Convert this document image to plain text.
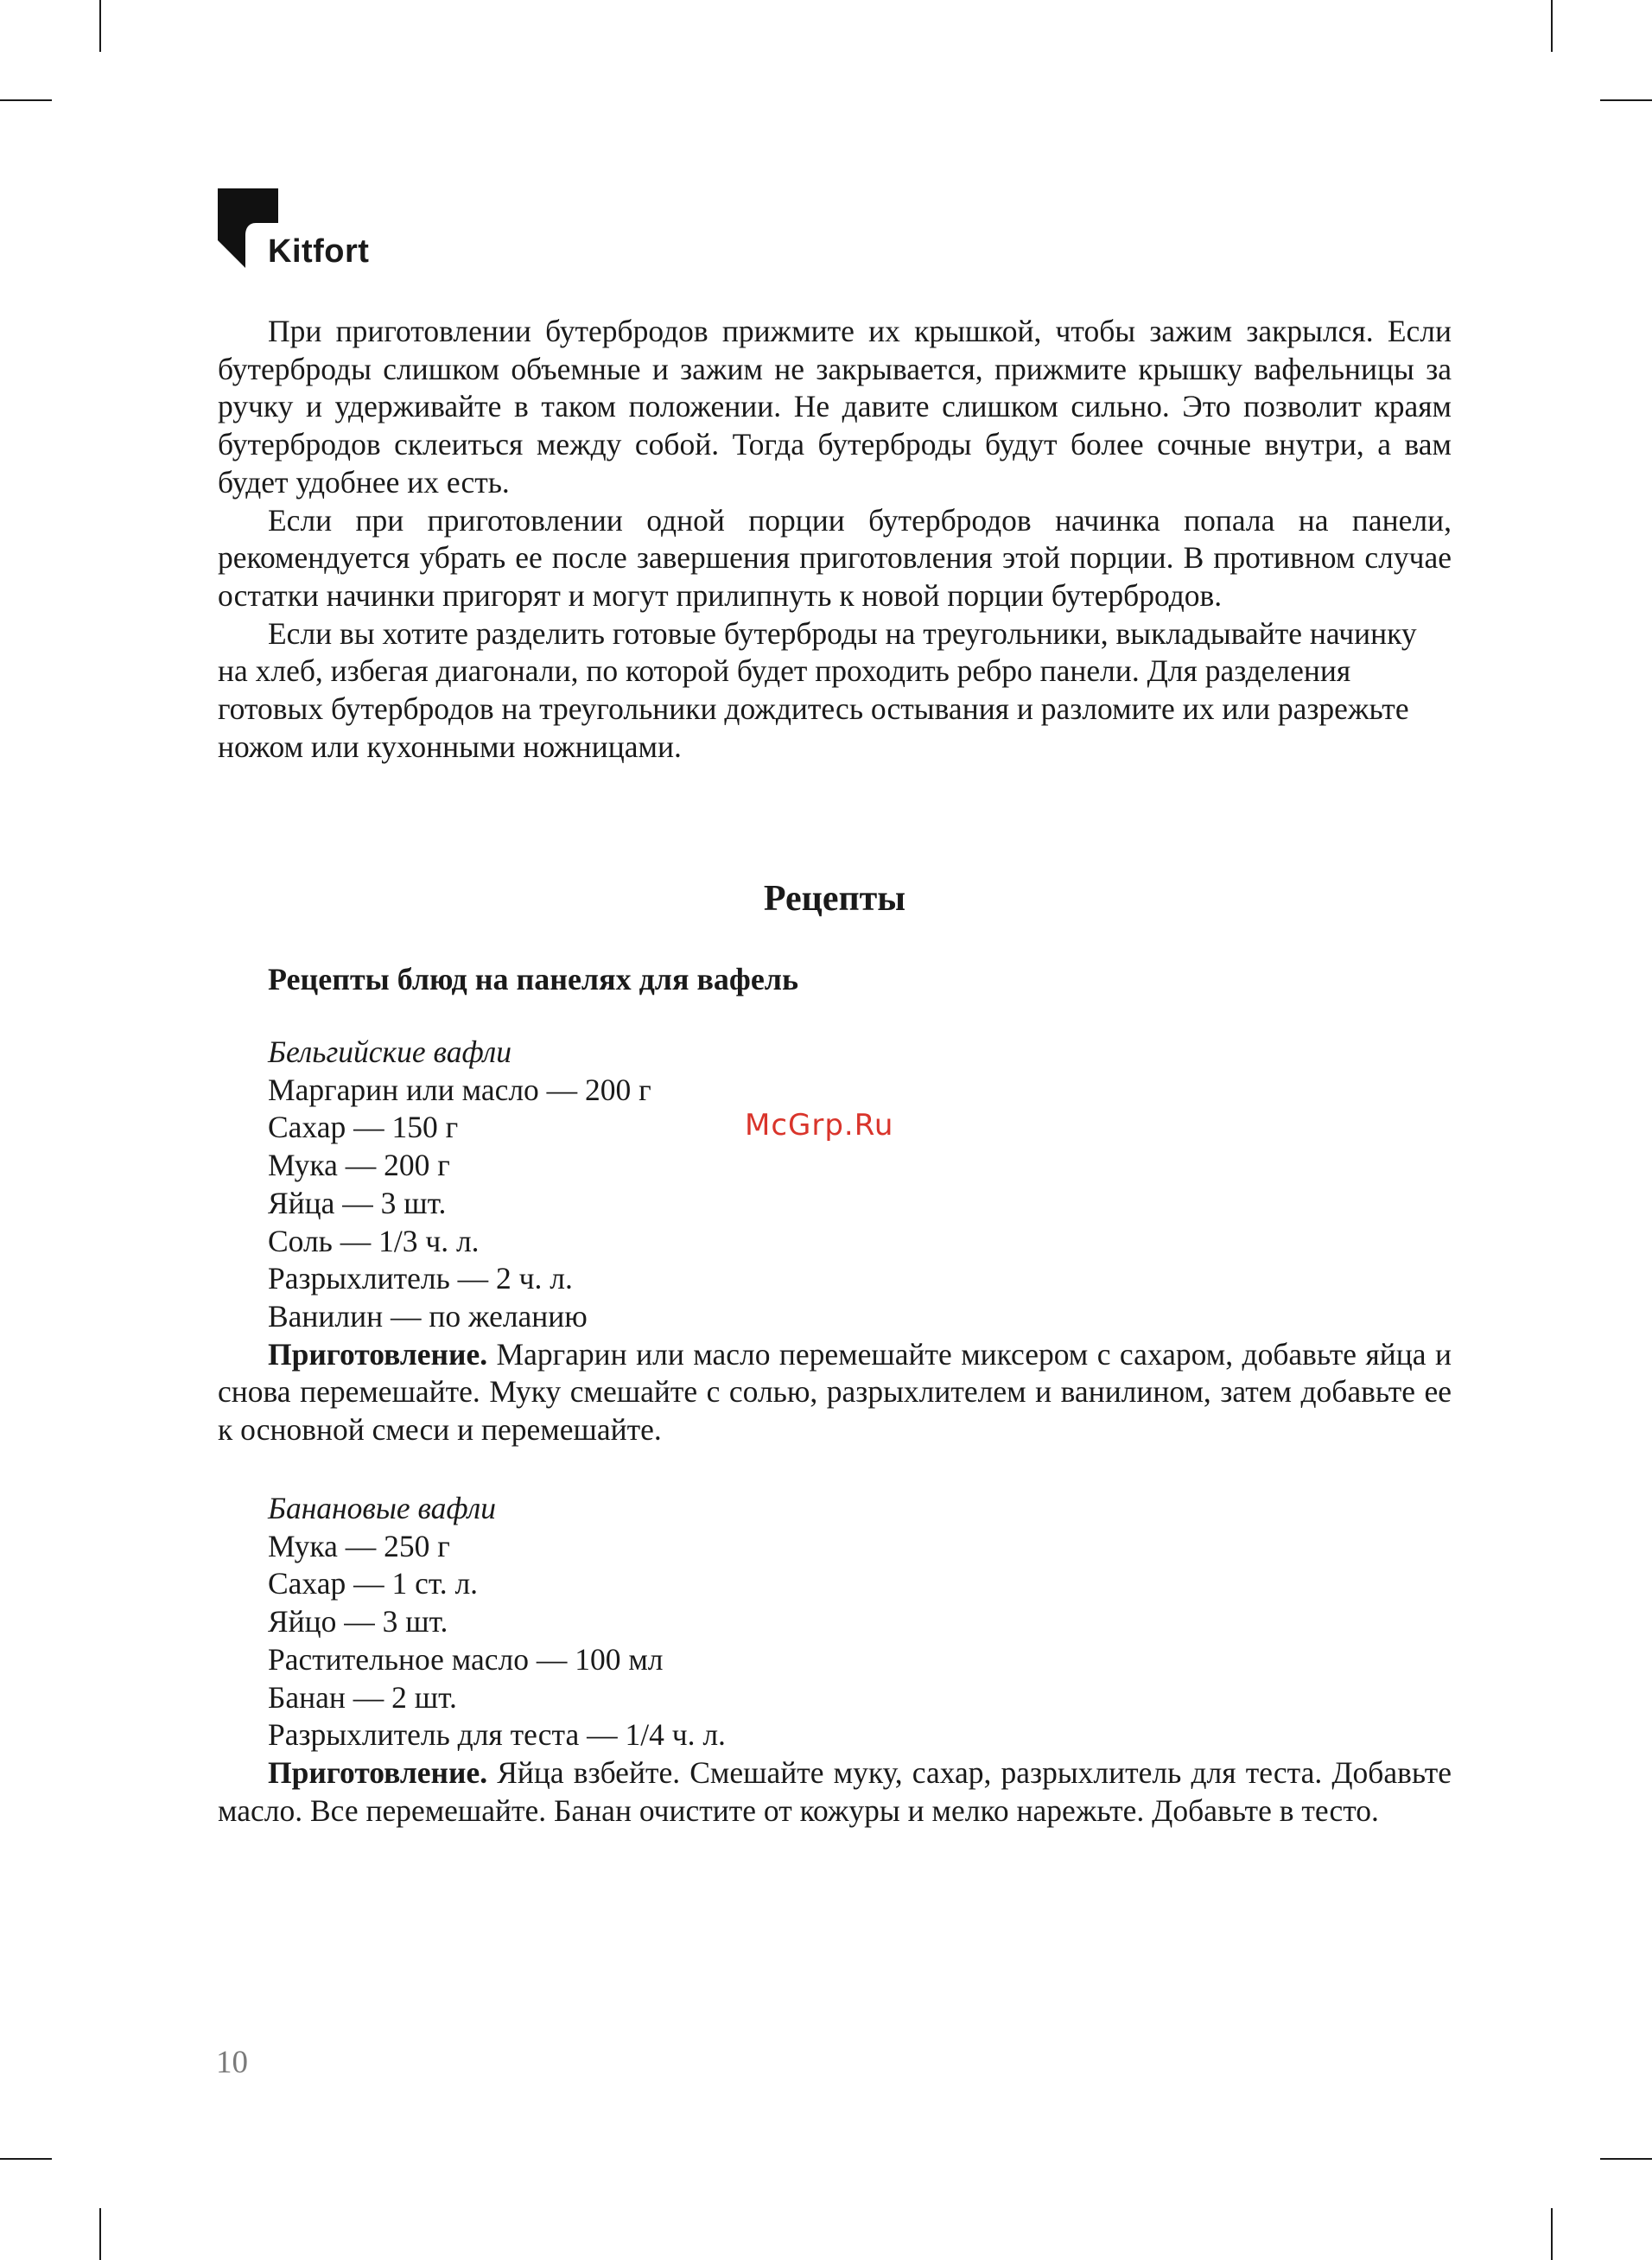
Kitfort

При приготовлении бутербродов прижмите их крышкой, чтобы зажим закрылся. Если бутерброды слишком объемные и зажим не закрывается, прижмите крышку вафельницы за ручку и удерживайте в таком положении. Не давите слишком сильно. Это позволит краям бутербродов склеиться между собой. Тогда бутерброды будут более сочные внутри, а вам будет удобнее их есть.

Если при приготовлении одной порции бутербродов начинка попала на панели, рекомендуется убрать ее после завершения приготовления этой порции. В противном случае остатки начинки пригорят и могут прилипнуть к новой порции бутербродов.

Если вы хотите разделить готовые бутерброды на треугольники, выкладывайте начинку на хлеб, избегая диагонали, по которой будет проходить ребро панели. Для разделения готовых бутербродов на треугольники дождитесь остывания и разломите их или разрежьте ножом или кухонными ножницами.

Рецепты
Рецепты блюд на панелях для вафель

Бельгийские вафли

Маргарин или масло — 200 г
Сахар — 150 г
Мука — 200 г
Яйца — 3 шт.
Соль — 1/3 ч. л.
Разрыхлитель — 2 ч. л.
Ванилин — по желанию

Приготовление. Маргарин или масло перемешайте миксером с сахаром, добавьте яйца и снова перемешайте. Муку смешайте с солью, разрыхлителем и ванилином, затем добавьте ее к основной смеси и перемешайте.

Банановые вафли

Мука — 250 г
Сахар — 1 ст. л.
Яйцо — 3 шт.
Растительное масло — 100 мл
Банан — 2 шт.
Разрыхлитель для теста — 1/4 ч. л.

Приготовление. Яйца взбейте. Смешайте муку, сахар, разрыхлитель для теста. Добавьте масло. Все перемешайте. Банан очистите от кожуры и мелко нарежьте. Добавьте в тесто.

McGrp.Ru
10
